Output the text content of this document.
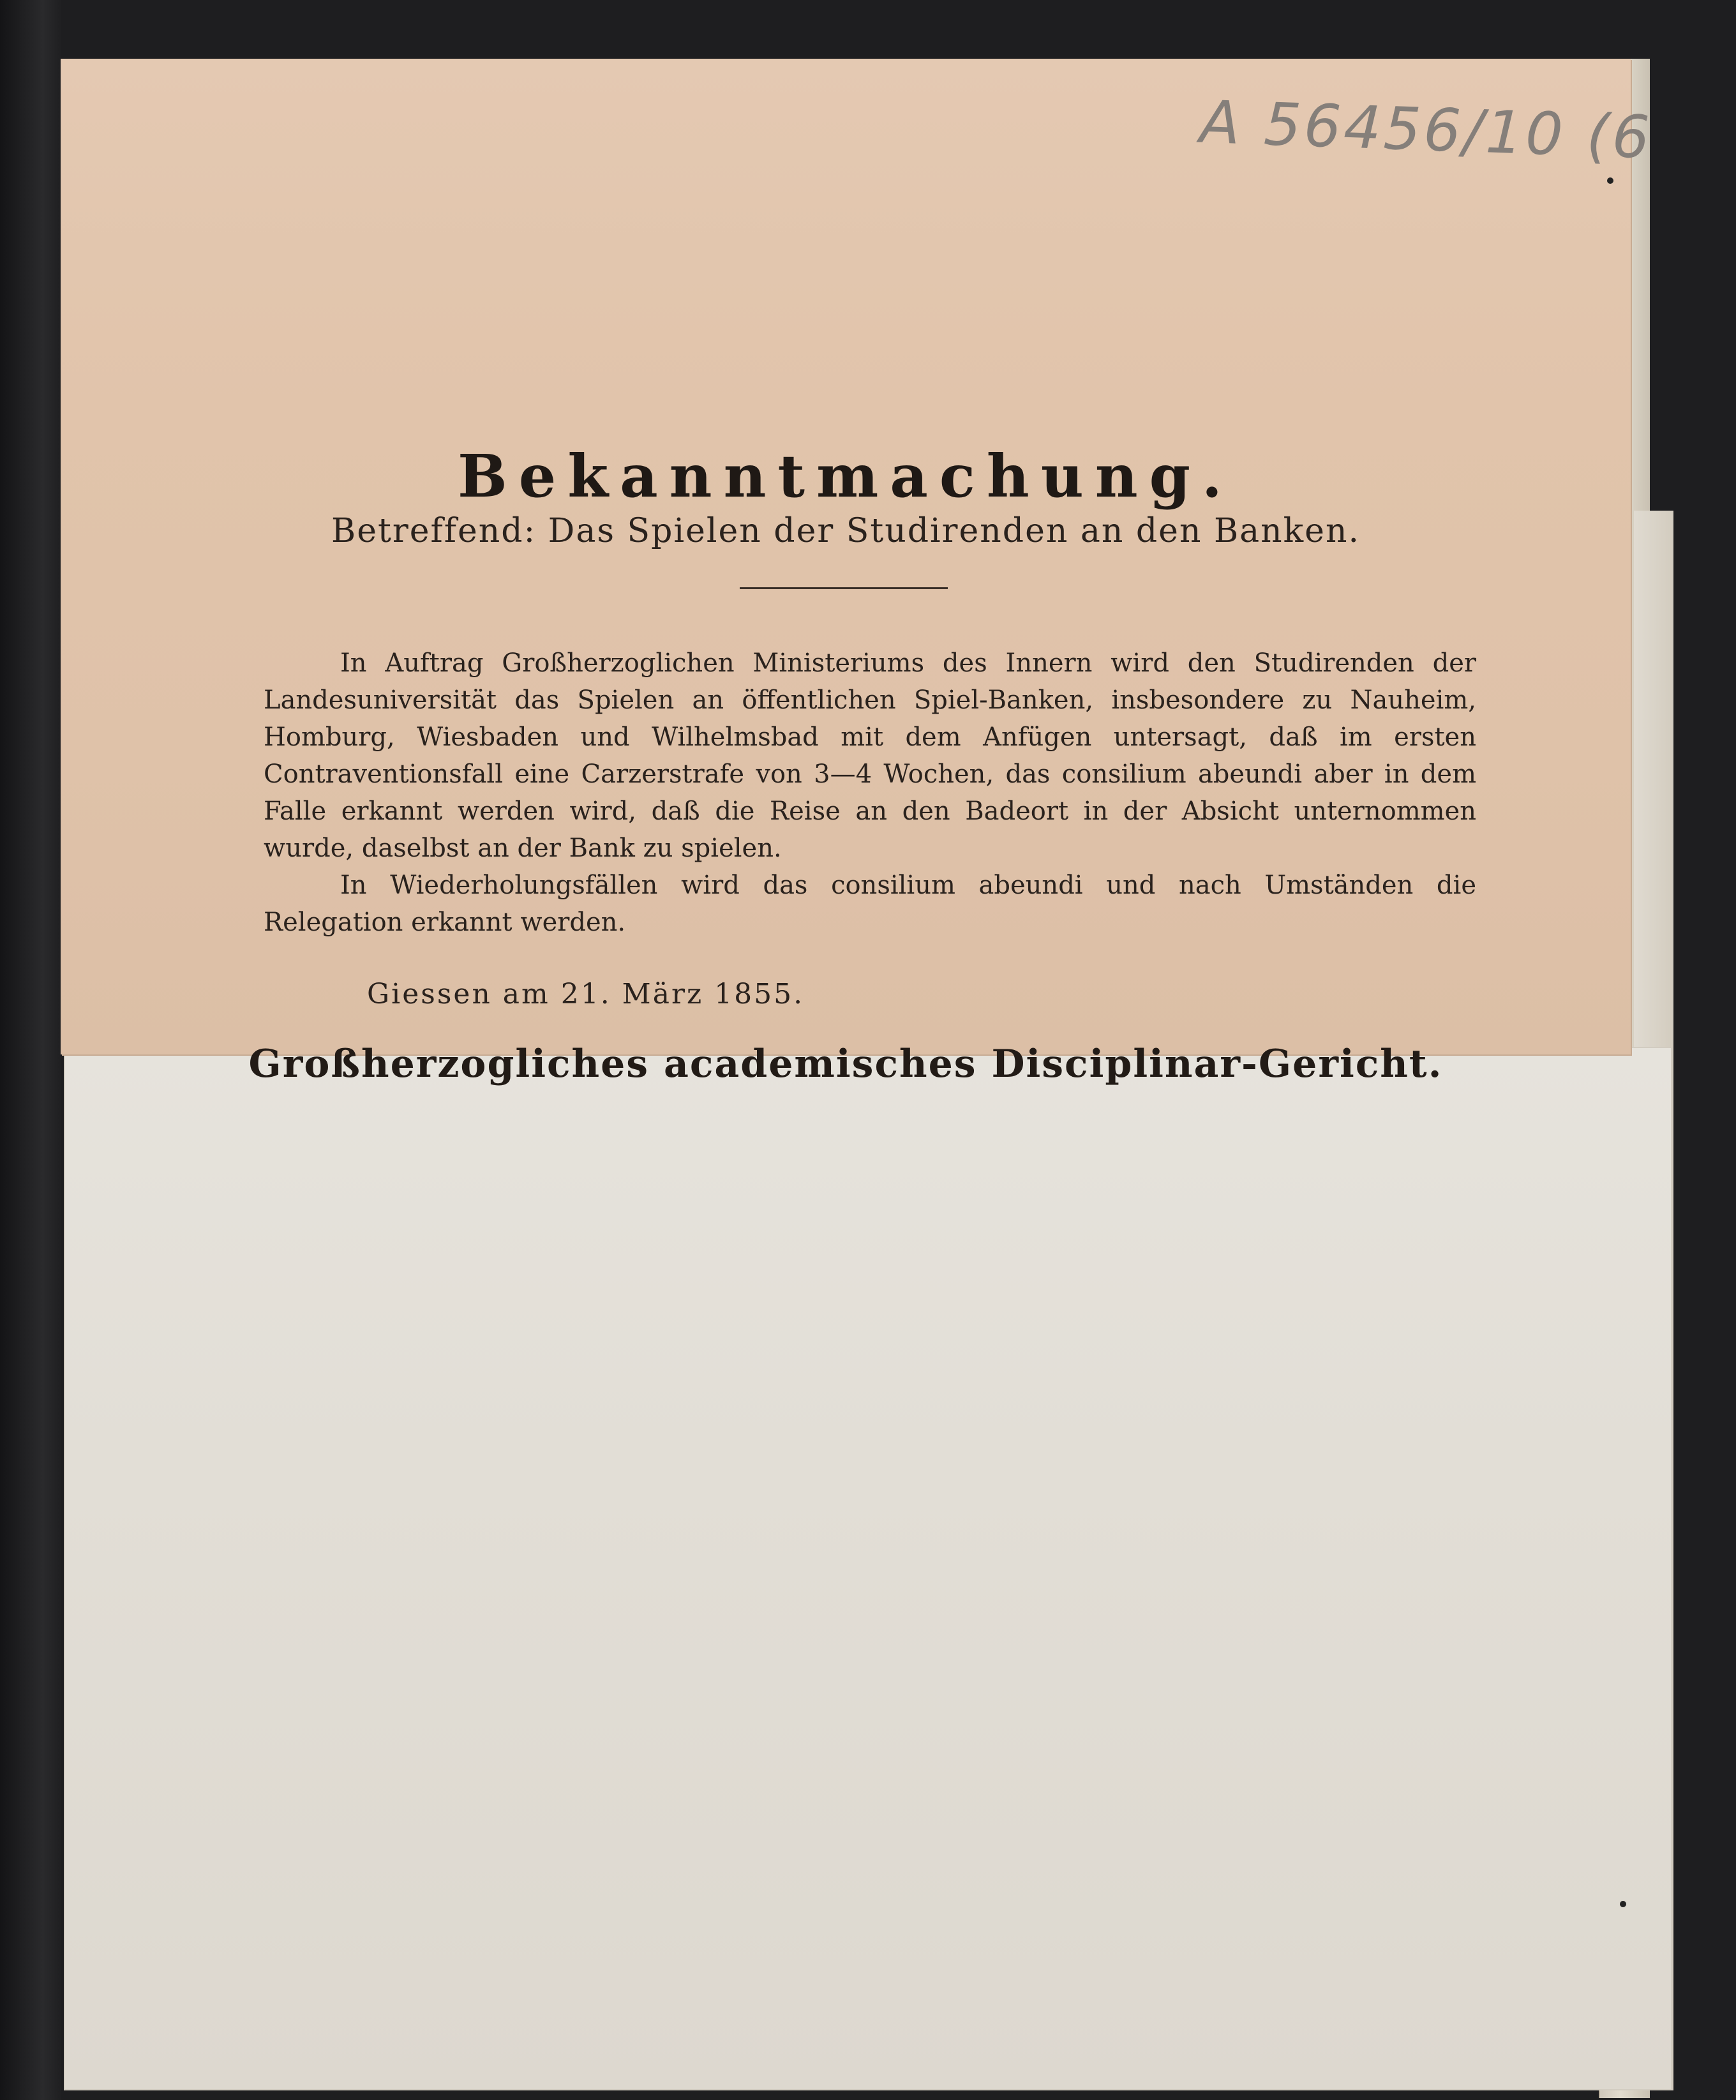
Bekanntmachung.

Betreffend: Das Spielen der Studirenden an den Banken.

In Auftrag Großherzoglichen Ministeriums des Innern wird den Studirenden der Landesuniversität das Spielen an öffentlichen Spiel-Banken, insbesondere zu Nauheim, Homburg, Wiesbaden und Wilhelmsbad mit dem Anfügen untersagt, daß im ersten Contraventionsfall eine Carzerstrafe von 3—4 Wochen, das consilium abeundi aber in dem Falle erkannt werden wird, daß die Reise an den Badeort in der Absicht unternommen wurde, daselbst an der Bank zu spielen.

In Wiederholungsfällen wird das consilium abeundi und nach Umständen die Relegation erkannt werden.

Giessen am 21. März 1855.

Großherzogliches academisches Disciplinar-Gericht.

A 56456/10 (6
